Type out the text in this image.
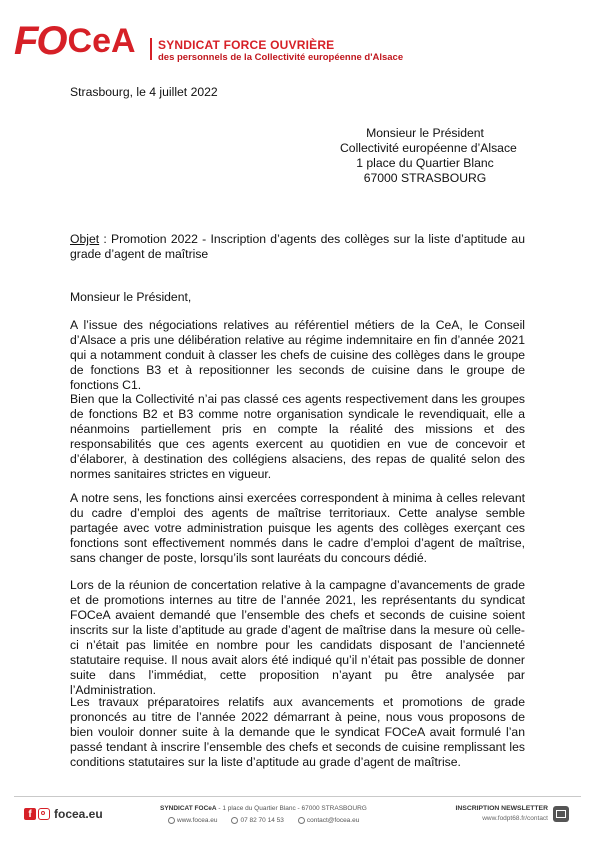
FO CeA SYNDICAT FORCE OUVRIÈRE
des personnels de la Collectivité européenne d'Alsace
Strasbourg, le 4 juillet 2022
Monsieur le Président
Collectivité européenne d’Alsace
1 place du Quartier Blanc
67000 STRASBOURG
Objet : Promotion 2022 - Inscription d’agents des collèges sur la liste d’aptitude au grade d’agent de maîtrise
Monsieur le Président,
A l’issue des négociations relatives au référentiel métiers de la CeA, le Conseil d’Alsace a pris une délibération relative au régime indemnitaire en fin d’année 2021 qui a notamment conduit à classer les chefs de cuisine des collèges dans le groupe de fonctions B3 et à repositionner les seconds de cuisine dans le groupe de fonctions C1.
Bien que la Collectivité n’ai pas classé ces agents respectivement dans les groupes de fonctions B2 et B3 comme notre organisation syndicale le revendiquait, elle a néanmoins partiellement pris en compte la réalité des missions et des responsabilités que ces agents exercent au quotidien en vue de concevoir et d’élaborer, à destination des collégiens alsaciens, des repas de qualité selon des normes sanitaires strictes en vigueur.
A notre sens, les fonctions ainsi exercées correspondent à minima à celles relevant du cadre d’emploi des agents de maîtrise territoriaux. Cette analyse semble partagée avec votre administration puisque les agents des collèges exerçant ces fonctions sont effectivement nommés dans le cadre d’emploi d’agent de maîtrise, sans changer de poste, lorsqu’ils sont lauréats du concours dédié.
Lors de la réunion de concertation relative à la campagne d’avancements de grade et de promotions internes au titre de l’année 2021, les représentants du syndicat FOCeA avaient demandé que l’ensemble des chefs et seconds de cuisine soient inscrits sur la liste d’aptitude au grade d’agent de maîtrise dans la mesure où celle-ci n’était pas limitée en nombre pour les candidats disposant de l’ancienneté statutaire requise. Il nous avait alors été indiqué qu’il n’était pas possible de donner suite dans l’immédiat, cette proposition n’ayant pu être analysée par l’Administration.
Les travaux préparatoires relatifs aux avancements et promotions de grade prononcés au titre de l’année 2022 démarrant à peine, nous vous proposons de bien vouloir donner suite à la demande que le syndicat FOCeA avait formulé l’an passé tendant à inscrire l’ensemble des chefs et seconds de cuisine remplissant les conditions statutaires sur la liste d’aptitude au grade d’agent de maîtrise.
f	focea.eu	SYNDICAT FOCeA - 1 place du Quartier Blanc - 67000 STRASBOURG
www.focea.eu	07 82 70 14 53	contact@focea.eu
INSCRIPTION NEWSLETTER
www.fodpt68.fr/contact
